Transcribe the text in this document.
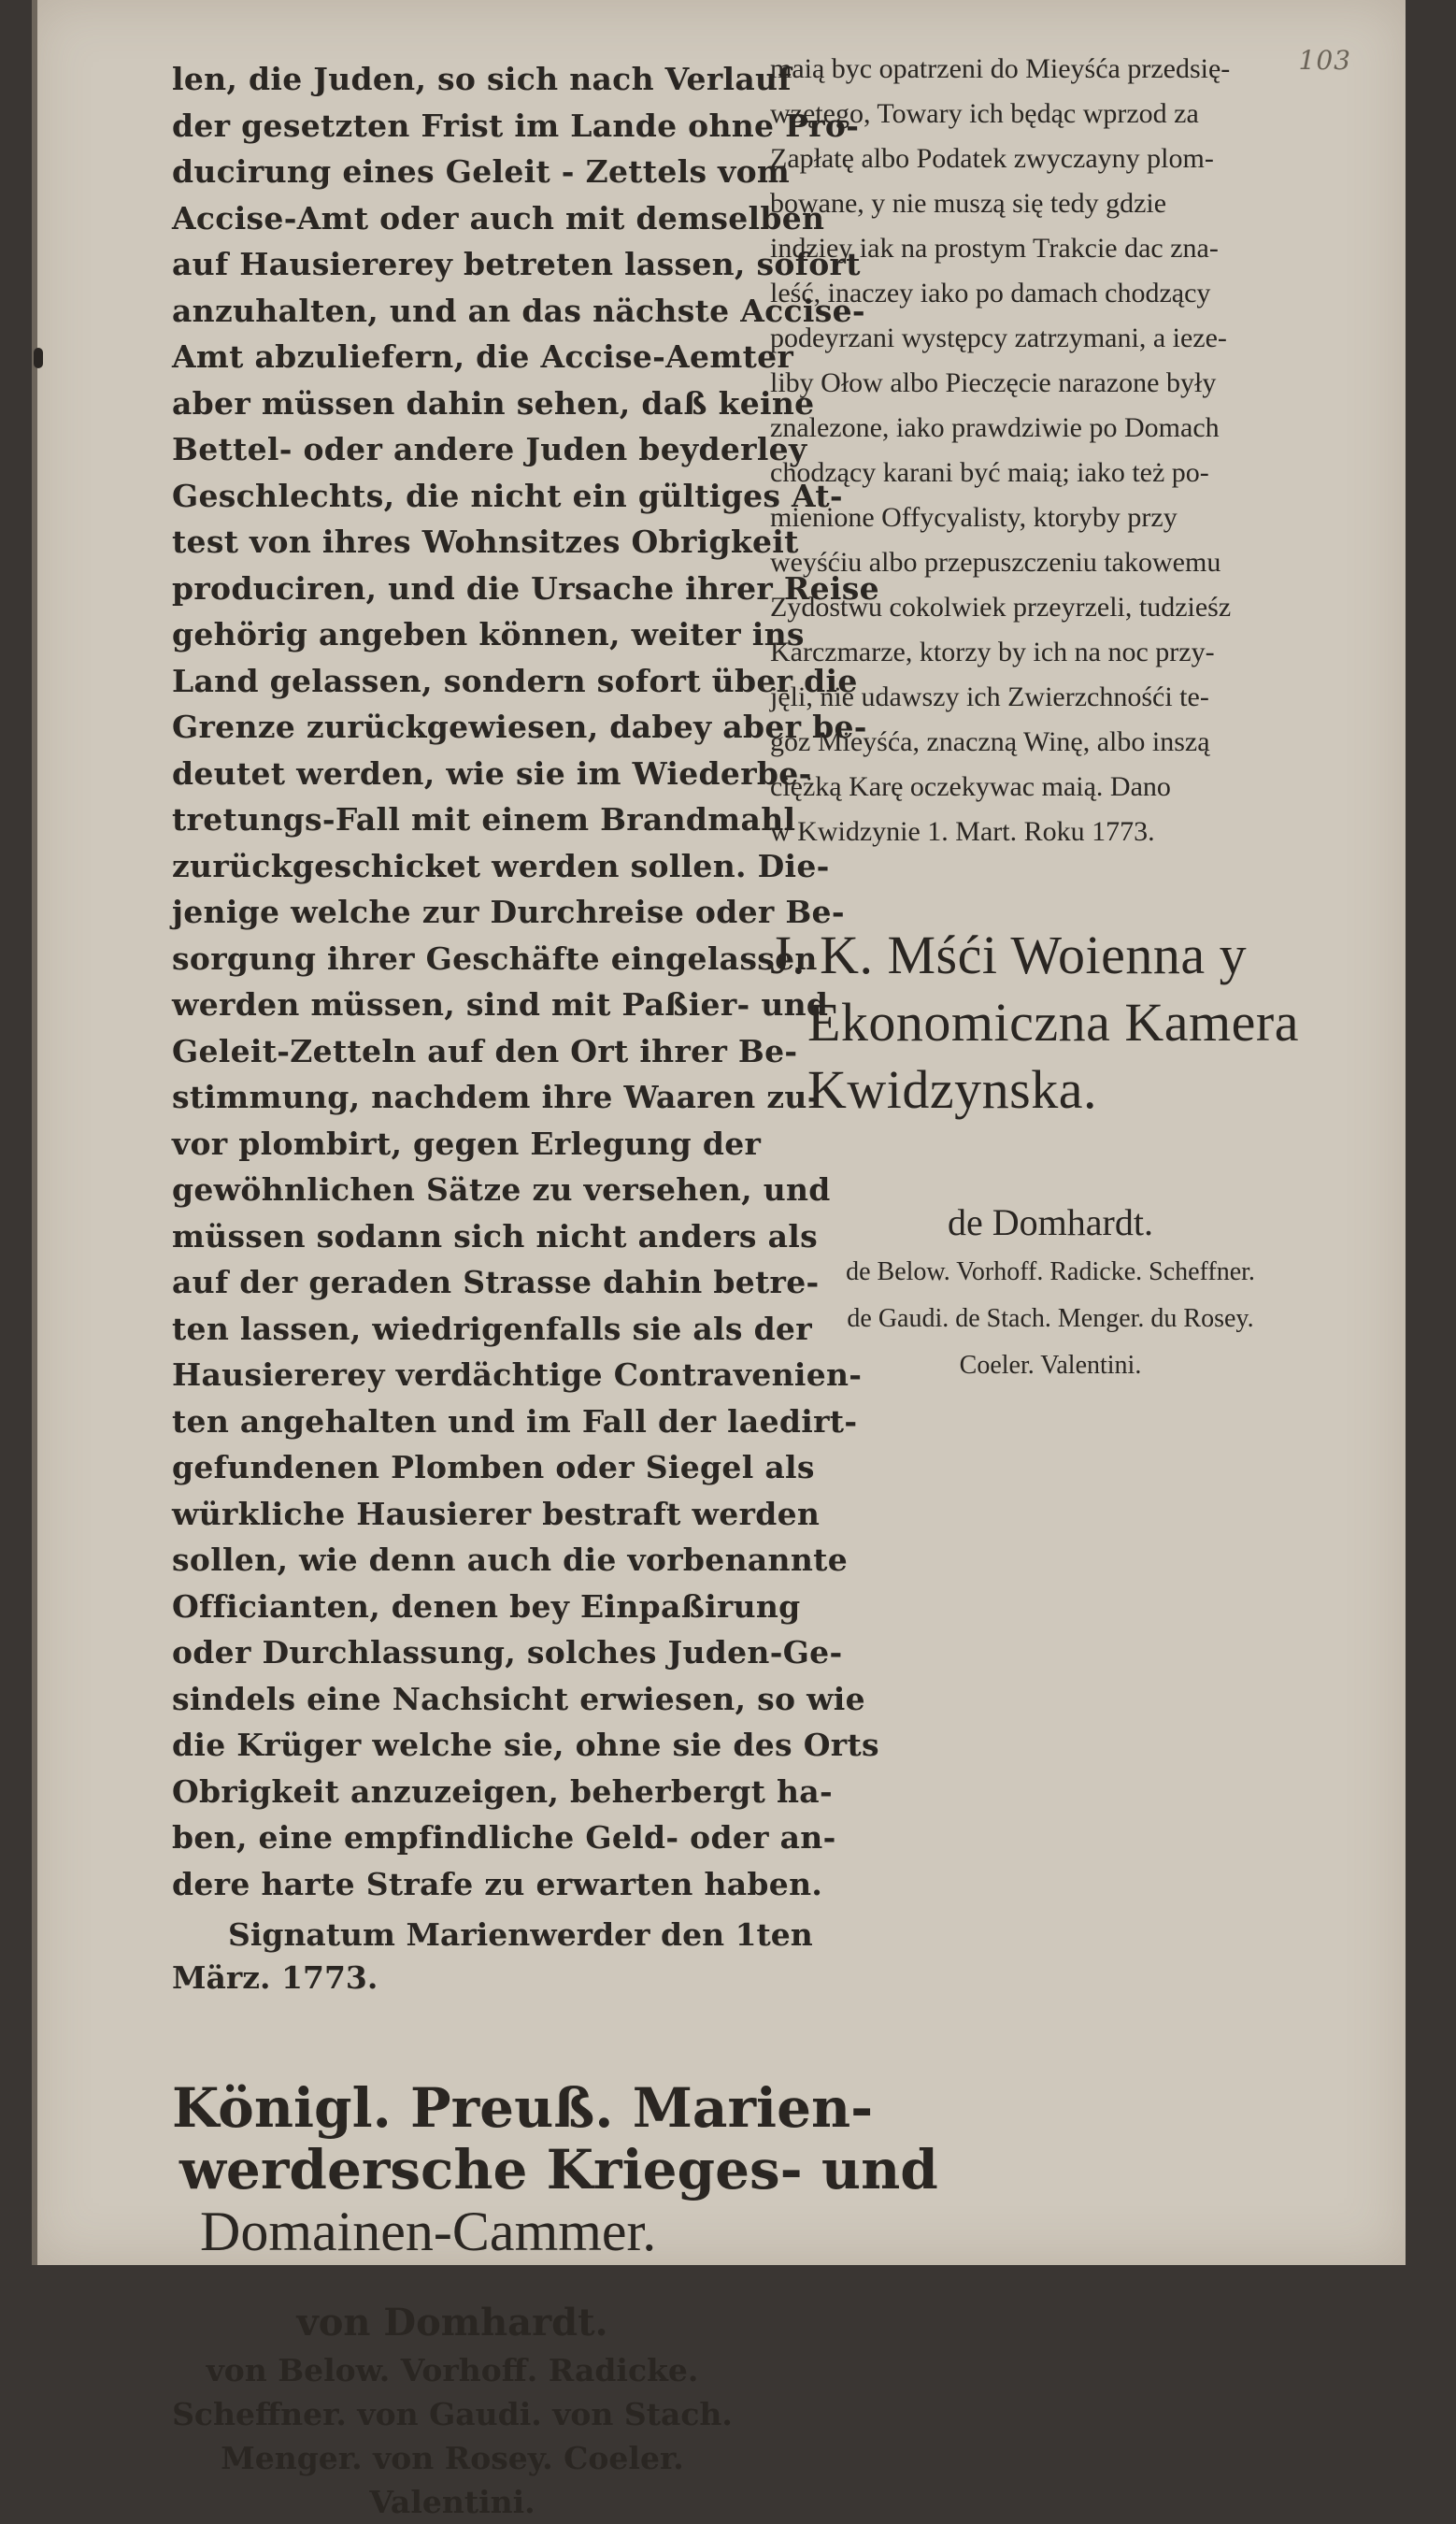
103
len, die Juden, so sich nach Verlauf
der gesetzten Frist im Lande ohne Pro-
ducirung eines Geleit - Zettels vom
Accise-Amt oder auch mit demselben
auf Hausiererey betreten lassen, sofort
anzuhalten, und an das nächste Accise-
Amt abzuliefern, die Accise-Aemter
aber müssen dahin sehen, daß keine
Bettel- oder andere Juden beyderley
Geschlechts, die nicht ein gültiges At-
test von ihres Wohnsitzes Obrigkeit
produciren, und die Ursache ihrer Reise
gehörig angeben können, weiter ins
Land gelassen, sondern sofort über die
Grenze zurückgewiesen, dabey aber be-
deutet werden, wie sie im Wiederbe-
tretungs-Fall mit einem Brandmahl
zurückgeschicket werden sollen. Die-
jenige welche zur Durchreise oder Be-
sorgung ihrer Geschäfte eingelassen
werden müssen, sind mit Paßier- und
Geleit-Zetteln auf den Ort ihrer Be-
stimmung, nachdem ihre Waaren zu-
vor plombirt, gegen Erlegung der
gewöhnlichen Sätze zu versehen, und
müssen sodann sich nicht anders als
auf der geraden Strasse dahin betre-
ten lassen, wiedrigenfalls sie als der
Hausiererey verdächtige Contravenien-
ten angehalten und im Fall der laedirt-
gefundenen Plomben oder Siegel als
würkliche Hausierer bestraft werden
sollen, wie denn auch die vorbenannte
Officianten, denen bey Einpaßirung
oder Durchlassung, solches Juden-Ge-
sindels eine Nachsicht erwiesen, so wie
die Krüger welche sie, ohne sie des Orts
Obrigkeit anzuzeigen, beherbergt ha-
ben, eine empfindliche Geld- oder an-
dere harte Strafe zu erwarten haben.
Signatum Marienwerder den 1ten
März. 1773.
Königl. Preuß. Marien-
werdersche Krieges- und
Domainen-Cammer.
von Domhardt.
von Below. Vorhoff. Radicke.
Scheffner. von Gaudi. von Stach.
Menger. von Rosey. Coeler.
Valentini.
maią byc opatrzeni do Mieyśća przedsię-
wzętego, Towary ich będąc wprzod za
Zapłatę albo Podatek zwyczayny plom-
bowane, y nie muszą się tedy gdzie
indziey iak na prostym Trakcie dac zna-
leść, inaczey iako po damach chodzący
podeyrzani występcy zatrzymani, a ieze-
liby Ołow albo Pieczęcie narazone były
znalezone, iako prawdziwie po Domach
chodzący karani być maią; iako też po-
mienione Offycyalisty, ktoryby przy
weyśćiu albo przepuszczeniu takowemu
Zydostwu cokolwiek przeyrzeli, tudzieśz
Karczmarze, ktorzy by ich na noc przy-
jęli, nie udawszy ich Zwierzchnośći te-
goz Mieyśća, znaczną Winę, albo inszą
ciężką Karę oczekywac maią. Dano
w Kwidzynie 1. Mart. Roku 1773.
J. K. Mśći Woienna y
Ekonomiczna Kamera
Kwidzynska.
de Domhardt.
de Below. Vorhoff. Radicke. Scheffner.
de Gaudi. de Stach. Menger. du Rosey.
Coeler. Valentini.
